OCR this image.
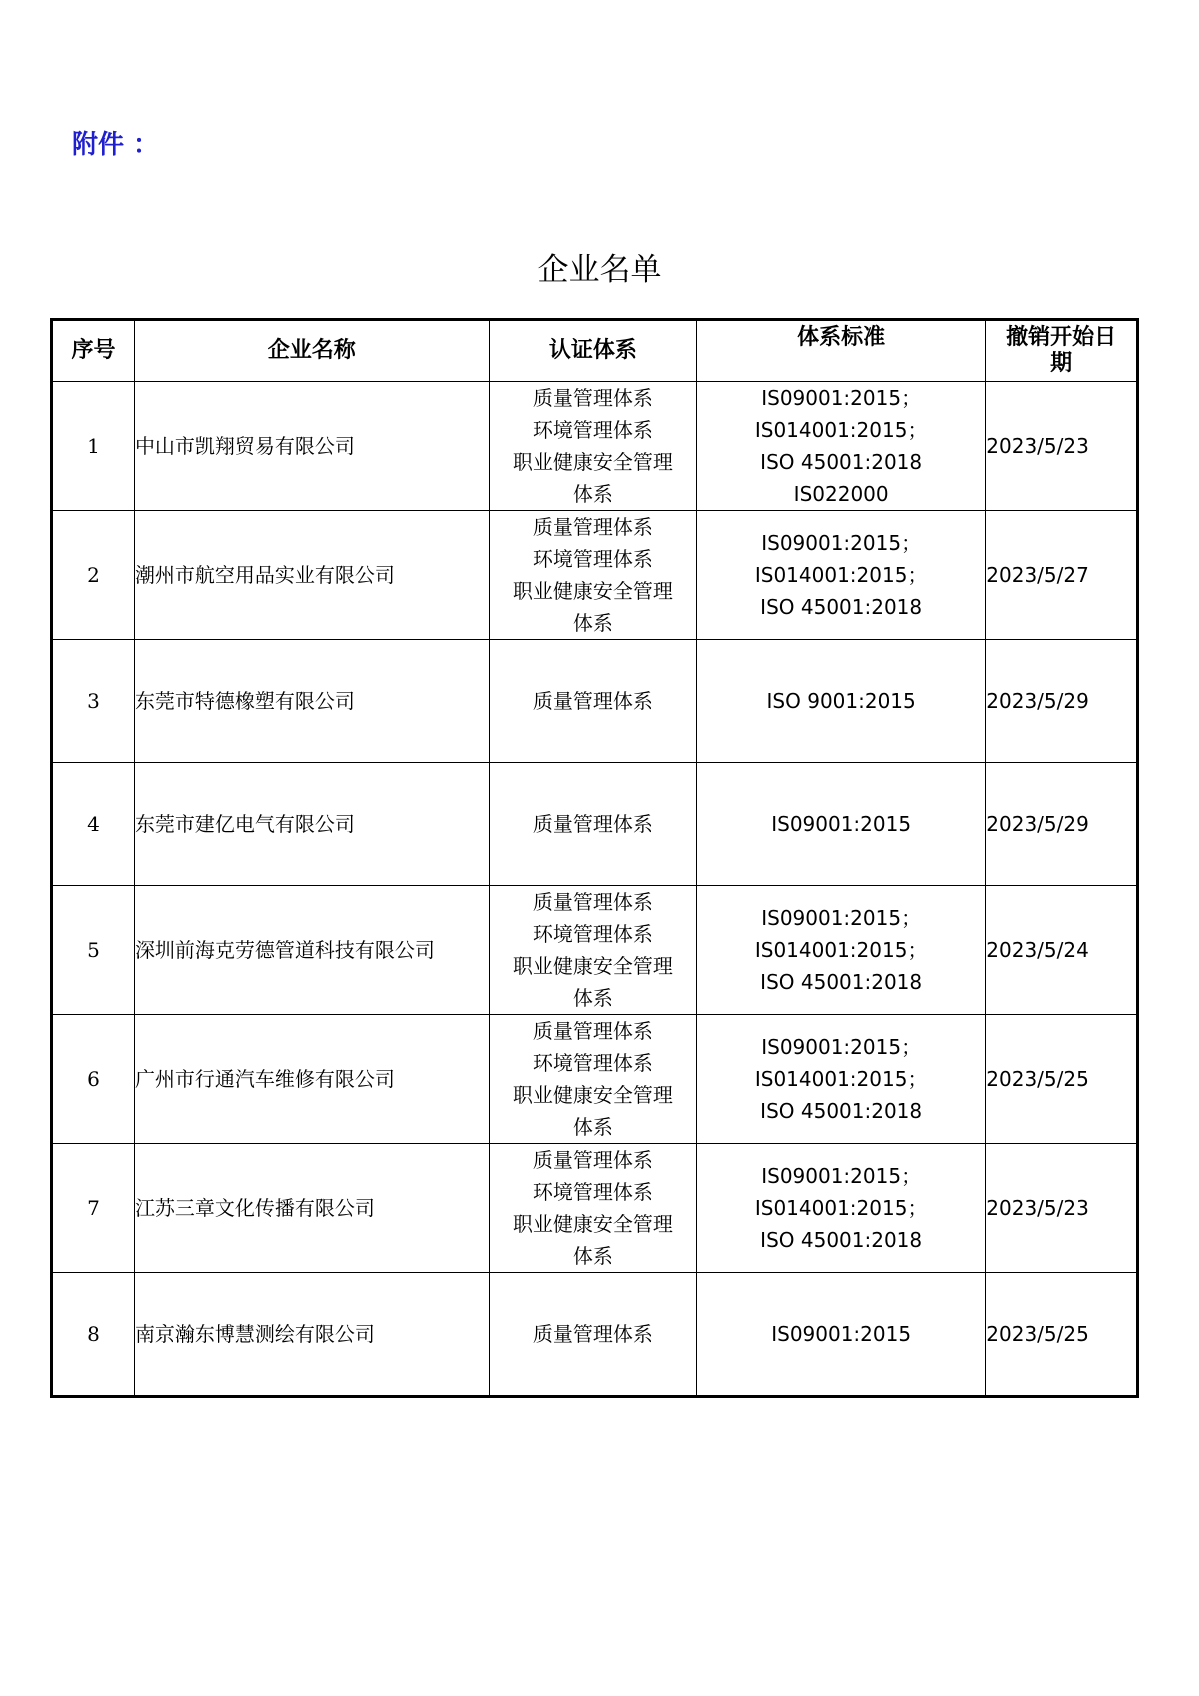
附件 ：
企业名单
序号	企业名称	认证体系	体系标准	撤销开始日
期
1	中山市凯翔贸易有限公司	质量管理体系
环境管理体系
职业健康安全管理
体系	IS09001:2015；
IS014001:2015；
ISO 45001:2018
IS022000	2023/5/23
2	潮州市航空用品实业有限公司	质量管理体系
环境管理体系
职业健康安全管理
体系	IS09001:2015；
IS014001:2015；
ISO 45001:2018	2023/5/27
3	东莞市特德橡塑有限公司	质量管理体系	ISO 9001:2015	2023/5/29
4	东莞市建亿电气有限公司	质量管理体系	IS09001:2015	2023/5/29
5	深圳前海克劳德管道科技有限公司	质量管理体系
环境管理体系
职业健康安全管理
体系	IS09001:2015；
IS014001:2015；
ISO 45001:2018	2023/5/24
6	广州市行通汽车维修有限公司	质量管理体系
环境管理体系
职业健康安全管理
体系	IS09001:2015；
IS014001:2015；
ISO 45001:2018	2023/5/25
7	江苏三章文化传播有限公司	质量管理体系
环境管理体系
职业健康安全管理
体系	IS09001:2015；
IS014001:2015；
ISO 45001:2018	2023/5/23
8	南京瀚东博慧测绘有限公司	质量管理体系	IS09001:2015	2023/5/25
